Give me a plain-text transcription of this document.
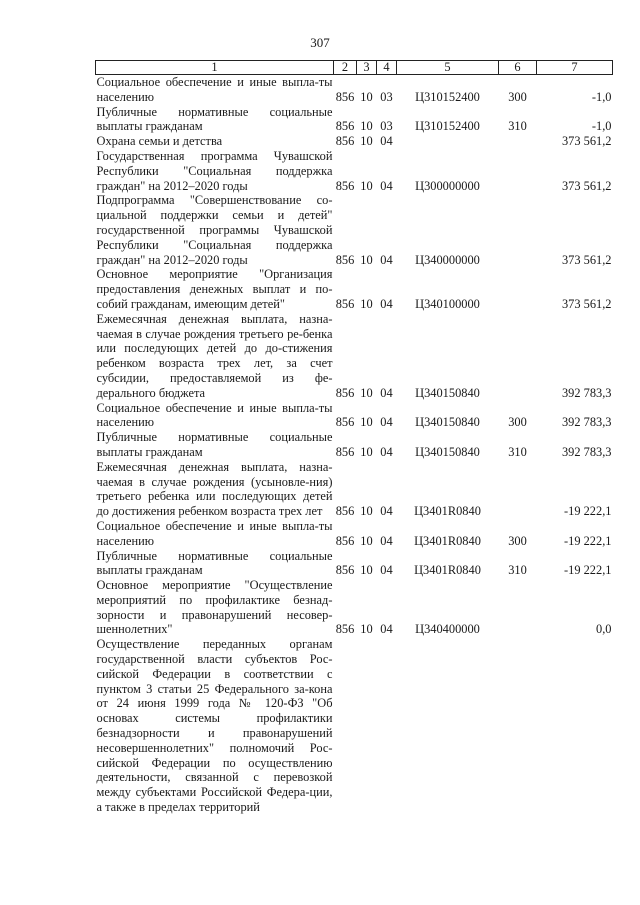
307
1	2	3	4	5	6	7
Социальное обеспечение и иные выпла-ты населению	856	10	03	Ц310152400	300	-1,0
Публичные нормативные социальные выплаты гражданам	856	10	03	Ц310152400	310	-1,0
Охрана семьи и детства	856	10	04			373 561,2
Государственная программа Чувашской Республики "Социальная поддержка граждан" на 2012–2020 годы	856	10	04	Ц300000000		373 561,2
Подпрограмма "Совершенствование со-циальной поддержки семьи и детей" государственной программы Чувашской Республики "Социальная поддержка граждан" на 2012–2020 годы	856	10	04	Ц340000000		373 561,2
Основное мероприятие "Организация предоставления денежных выплат и по-собий гражданам, имеющим детей"	856	10	04	Ц340100000		373 561,2
Ежемесячная денежная выплата, назна-чаемая в случае рождения третьего ре-бенка или последующих детей до до-стижения ребенком возраста трех лет, за счет субсидии, предоставляемой из фе-дерального бюджета	856	10	04	Ц340150840		392 783,3
Социальное обеспечение и иные выпла-ты населению	856	10	04	Ц340150840	300	392 783,3
Публичные нормативные социальные выплаты гражданам	856	10	04	Ц340150840	310	392 783,3
Ежемесячная денежная выплата, назна-чаемая в случае рождения (усыновле-ния) третьего ребенка или последующих детей до достижения ребенком возраста трех лет	856	10	04	Ц3401R0840		-19 222,1
Социальное обеспечение и иные выпла-ты населению	856	10	04	Ц3401R0840	300	-19 222,1
Публичные нормативные социальные выплаты гражданам	856	10	04	Ц3401R0840	310	-19 222,1
Основное мероприятие "Осуществление мероприятий по профилактике безнад-зорности и правонарушений несовер-шеннолетних"	856	10	04	Ц340400000		0,0
Осуществление переданных органам государственной власти субъектов Рос-сийской Федерации в соответствии с пунктом 3 статьи 25 Федерального за-кона от 24 июня 1999 года № 120-ФЗ "Об основах системы профилактики безнадзорности и правонарушений несовершеннолетних" полномочий Рос-сийской Федерации по осуществлению деятельности, связанной с перевозкой между субъектами Российской Федера-ции, а также в пределах территорий						
